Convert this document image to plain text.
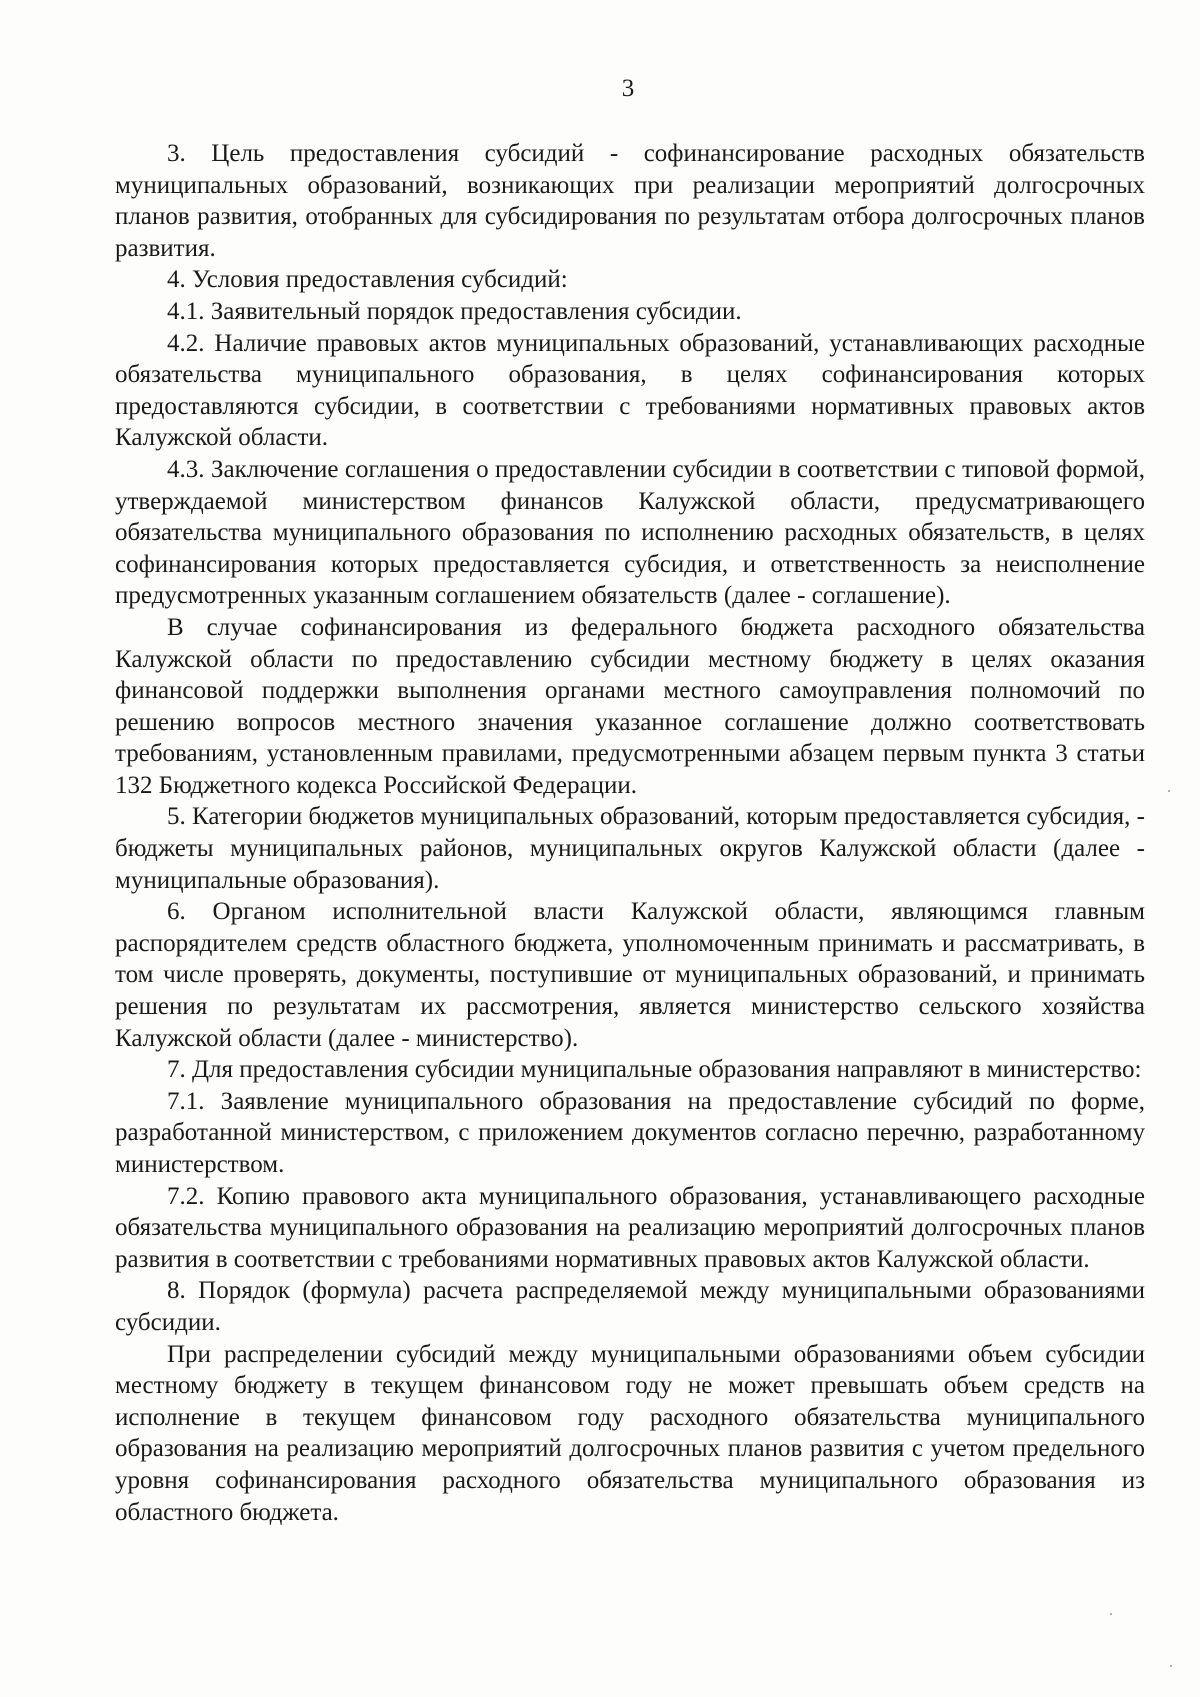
3

3. Цель предоставления субсидий - софинансирование расходных обязательств муниципальных образований, возникающих при реализации мероприятий долгосрочных планов развития, отобранных для субсидирования по результатам отбора долгосрочных планов развития.

4. Условия предоставления субсидий:

4.1. Заявительный порядок предоставления субсидии.

4.2. Наличие правовых актов муниципальных образований, устанавливающих расходные обязательства муниципального образования, в целях софинансирования которых предоставляются субсидии, в соответствии с требованиями нормативных правовых актов Калужской области.

4.3. Заключение соглашения о предоставлении субсидии в соответствии с типовой формой, утверждаемой министерством финансов Калужской области, предусматривающего обязательства муниципального образования по исполнению расходных обязательств, в целях софинансирования которых предоставляется субсидия, и ответственность за неисполнение предусмотренных указанным соглашением обязательств (далее - соглашение).

В случае софинансирования из федерального бюджета расходного обязательства Калужской области по предоставлению субсидии местному бюджету в целях оказания финансовой поддержки выполнения органами местного самоуправления полномочий по решению вопросов местного значения указанное соглашение должно соответствовать требованиям, установленным правилами, предусмотренными абзацем первым пункта 3 статьи 132 Бюджетного кодекса Российской Федерации.

5. Категории бюджетов муниципальных образований, которым предоставляется субсидия, - бюджеты муниципальных районов, муниципальных округов Калужской области (далее - муниципальные образования).

6. Органом исполнительной власти Калужской области, являющимся главным распорядителем средств областного бюджета, уполномоченным принимать и рассматривать, в том числе проверять, документы, поступившие от муниципальных образований, и принимать решения по результатам их рассмотрения, является министерство сельского хозяйства Калужской области (далее - министерство).

7. Для предоставления субсидии муниципальные образования направляют в министерство:

7.1. Заявление муниципального образования на предоставление субсидий по форме, разработанной министерством, с приложением документов согласно перечню, разработанному министерством.

7.2. Копию правового акта муниципального образования, устанавливающего расходные обязательства муниципального образования на реализацию мероприятий долгосрочных планов развития в соответствии с требованиями нормативных правовых актов Калужской области.

8. Порядок (формула) расчета распределяемой между муниципальными образованиями субсидии.

При распределении субсидий между муниципальными образованиями объем субсидии местному бюджету в текущем финансовом году не может превышать объем средств на исполнение в текущем финансовом году расходного обязательства муниципального образования на реализацию мероприятий долгосрочных планов развития с учетом предельного уровня софинансирования расходного обязательства муниципального образования из областного бюджета.
